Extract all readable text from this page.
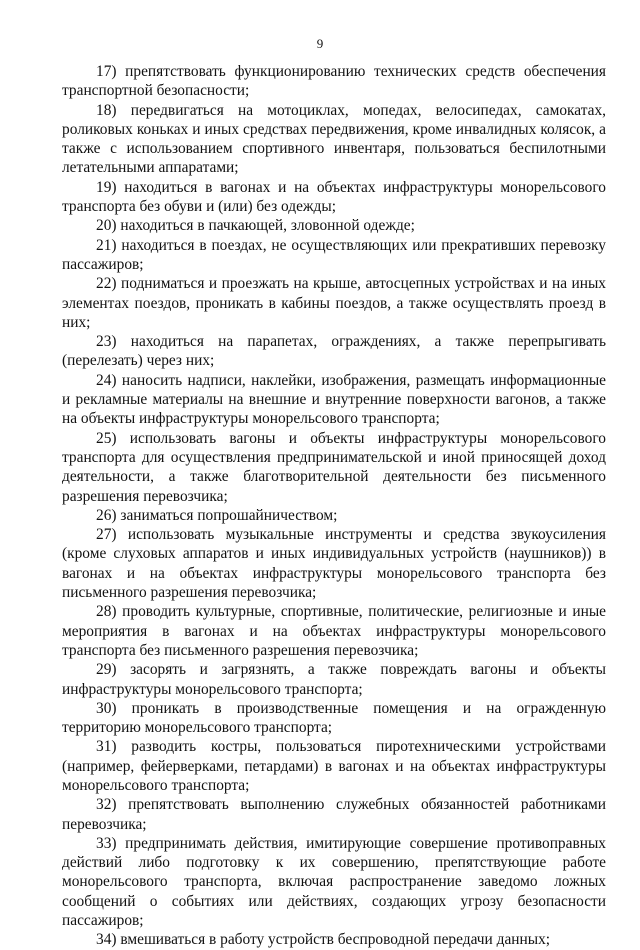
9

17) препятствовать функционированию технических средств обеспечения транспортной безопасности;

18) передвигаться на мотоциклах, мопедах, велосипедах, самокатах, роликовых коньках и иных средствах передвижения, кроме инвалидных колясок, а также с использованием спортивного инвентаря, пользоваться беспилотными летательными аппаратами;

19) находиться в вагонах и на объектах инфраструктуры монорельсового транспорта без обуви и (или) без одежды;

20) находиться в пачкающей, зловонной одежде;

21) находиться в поездах, не осуществляющих или прекративших перевозку пассажиров;

22) подниматься и проезжать на крыше, автосцепных устройствах и на иных элементах поездов, проникать в кабины поездов, а также осуществлять проезд в них;

23) находиться на парапетах, ограждениях, а также перепрыгивать (перелезать) через них;

24) наносить надписи, наклейки, изображения, размещать информационные и рекламные материалы на внешние и внутренние поверхности вагонов, а также на объекты инфраструктуры монорельсового транспорта;

25) использовать вагоны и объекты инфраструктуры монорельсового транспорта для осуществления предпринимательской и иной приносящей доход деятельности, а также благотворительной деятельности без письменного разрешения перевозчика;

26) заниматься попрошайничеством;

27) использовать музыкальные инструменты и средства звукоусиления (кроме слуховых аппаратов и иных индивидуальных устройств (наушников)) в вагонах и на объектах инфраструктуры монорельсового транспорта без письменного разрешения перевозчика;

28) проводить культурные, спортивные, политические, религиозные и иные мероприятия в вагонах и на объектах инфраструктуры монорельсового транспорта без письменного разрешения перевозчика;

29) засорять и загрязнять, а также повреждать вагоны и объекты инфраструктуры монорельсового транспорта;

30) проникать в производственные помещения и на огражденную территорию монорельсового транспорта;

31) разводить костры, пользоваться пиротехническими устройствами (например, фейерверками, петардами) в вагонах и на объектах инфраструктуры монорельсового транспорта;

32) препятствовать выполнению служебных обязанностей работниками перевозчика;

33) предпринимать действия, имитирующие совершение противоправных действий либо подготовку к их совершению, препятствующие работе монорельсового транспорта, включая распространение заведомо ложных сообщений о событиях или действиях, создающих угрозу безопасности пассажиров;

34) вмешиваться в работу устройств беспроводной передачи данных;
